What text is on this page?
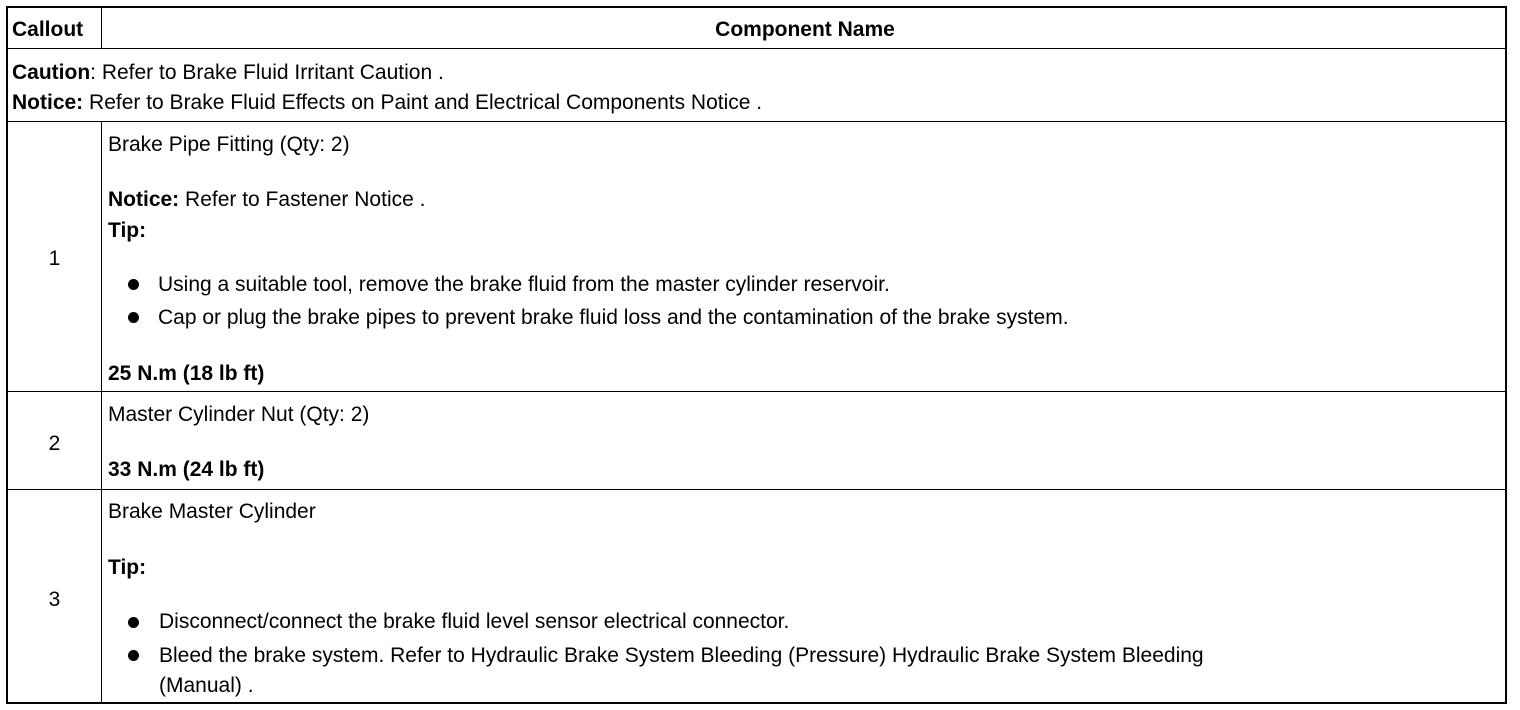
Callout	Component Name
Caution: Refer to Brake Fluid Irritant Caution .
Notice: Refer to Brake Fluid Effects on Paint and Electrical Components Notice .
1
Brake Pipe Fitting (Qty: 2)
Notice: Refer to Fastener Notice .
Tip:
Using a suitable tool, remove the brake fluid from the master cylinder reservoir.
Cap or plug the brake pipes to prevent brake fluid loss and the contamination of the brake system.
25 N.m (18 lb ft)
2
Master Cylinder Nut (Qty: 2)
33 N.m (24 lb ft)
3
Brake Master Cylinder
Tip:
Disconnect/connect the brake fluid level sensor electrical connector.
Bleed the brake system. Refer to Hydraulic Brake System Bleeding (Pressure) Hydraulic Brake System Bleeding
(Manual) .
